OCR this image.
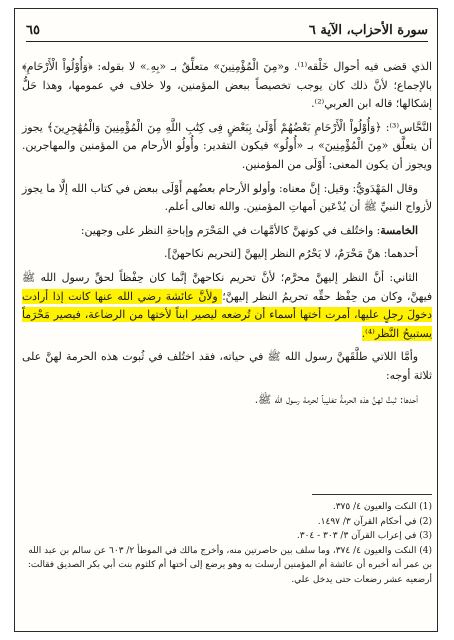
سورة الأحزاب، الآية ٦
٦٥

الذي قضى فيه أحوال خَلْقه⁽¹⁾. و«مِنَ الْمُؤْمِنِينَ» متعلِّقٌ بـ «بِهِۦ» لا بقوله: ﴿وَأُوْلُواْ الْأَرْحَامِ﴾ بالإجماع؛ لأنَّ ذلك كان يوجب تخصيصاً ببعض المؤمنين، ولا خلاف في عمومها، وهذا حَلُّ إشكالها؛ قاله ابن العربي⁽²⁾.

النَّحَّاس⁽³⁾: ﴿وَأُوْلُواْ الْأَرْحَامِ بَعْضُهُمْ أَوْلَىٰ بِبَعْضٍ فِى كِتَٰبِ اللَّهِ مِنَ الْمُؤْمِنِينَ وَالْمُهَٰجِرِينَ﴾ يجوز أن يتعلَّق «مِنَ الْمُؤْمِنِينَ» بـ «أُولُو» فيكون التقدير: وأُولُو الأرحام من المؤمنين والمهاجرين. ويجوز أن يكون المعنى: أَوْلَى من المؤمنين.

وقال المَهْدَويُّ: وقيل: إنَّ معناه: وأولو الأرحام بعضُهم أَوْلَى ببعض في كتاب الله إلَّا ما يجوز لأزواج النبيِّ ﷺ أن يُدْعَين أمهاتِ المؤمنين. والله تعالى أعلم.

الخامسة: واختُلف في كونهنَّ كالأمَّهات في المَحْرَم وإباحةِ النظر على وجهين:

أحدهما: هنَّ مَحْرَمٌ، لا يَحْرُم النظر إليهنَّ [لتحريم نكاحهنَّ].

الثاني: أنَّ النظر إليهنَّ محرَّم؛ لأنَّ تحريم نكاحهنَّ إنَّما كان حِفْظاً لحقِّ رسول الله ﷺ فيهنَّ، وكان من حِفْظ حقِّه تحريمُ النظر إليهنَّ؛ ولأنَّ عائشة رضي الله عنها كانت إذا أرادت دخولَ رجلٍ عليها، أمرت أختها أسماء أن تُرضعه ليصير ابناً لأختها من الرضاعة، فيصير مَحْرَماً يستبيحُ النَّظر⁽⁴⁾.

وأمَّا اللاتي طلَّقَهنَّ رسول الله ﷺ في حياته، فقد اختُلف في ثُبوت هذه الحرمة لهنَّ على ثلاثة أوجه:

أحدها: ثبتُ لهنَّ هذه الحرمةُ تغليباً لحرمة رسول الله ﷺ.

(1) النكت والعيون ٤/ ٣٧٥.
(2) في أحكام القرآن ٣/ ١٤٩٧.
(3) في إعراب القرآن ٣/ ٣٠٣ - ٣٠٤.
(4) النكت والعيون ٤/ ٣٧٤، وما سلف بين حاصرتين منه، وأخرج مالك في الموطأ ٢/ ٦٠٣ عن سالم بن عبد الله بن عمر أنه أخبره أن عائشة أم المؤمنين أرسلت به وهو يرضع إلى أختها أم كلثوم بنت أبي بكر الصديق فقالت: أرضعيه عشر رضعات حتى يدخل علي.
